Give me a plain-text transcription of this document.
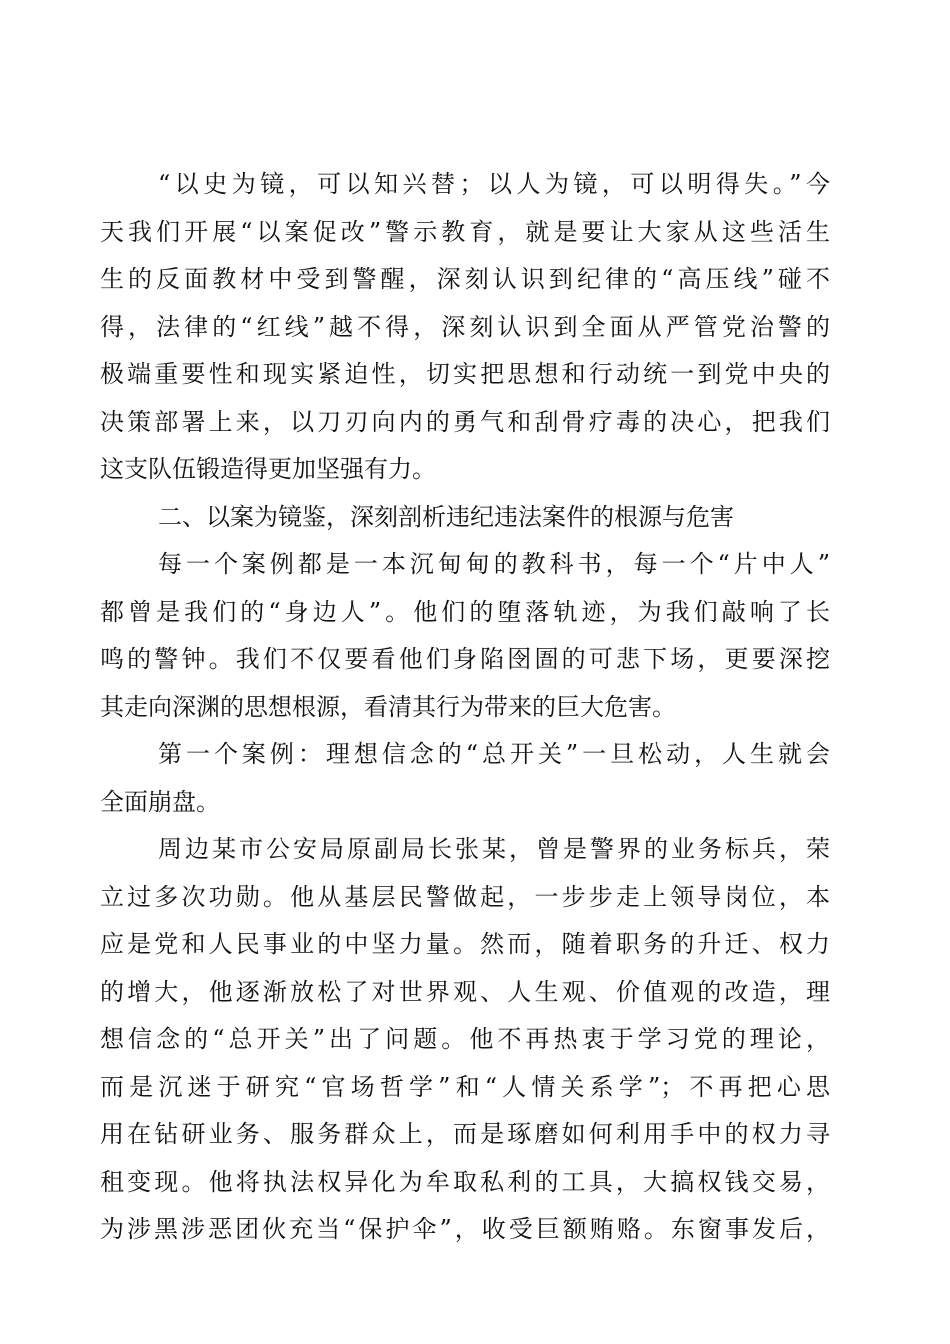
“以史为镜，可以知兴替；以人为镜，可以明得失。”今
天我们开展“以案促改”警示教育，就是要让大家从这些活生
生的反面教材中受到警醒，深刻认识到纪律的“高压线”碰不
得，法律的“红线”越不得，深刻认识到全面从严管党治警的
极端重要性和现实紧迫性，切实把思想和行动统一到党中央的
决策部署上来，以刀刃向内的勇气和刮骨疗毒的决心，把我们
这支队伍锻造得更加坚强有力。
二、以案为镜鉴，深刻剖析违纪违法案件的根源与危害
每一个案例都是一本沉甸甸的教科书，每一个“片中人”
都曾是我们的“身边人”。他们的堕落轨迹，为我们敲响了长
鸣的警钟。我们不仅要看他们身陷囹圄的可悲下场，更要深挖
其走向深渊的思想根源，看清其行为带来的巨大危害。
第一个案例：理想信念的“总开关”一旦松动，人生就会
全面崩盘。
周边某市公安局原副局长张某，曾是警界的业务标兵，荣
立过多次功勋。他从基层民警做起，一步步走上领导岗位，本
应是党和人民事业的中坚力量。然而，随着职务的升迁、权力
的增大，他逐渐放松了对世界观、人生观、价值观的改造，理
想信念的“总开关”出了问题。他不再热衷于学习党的理论，
而是沉迷于研究“官场哲学”和“人情关系学”；不再把心思
用在钻研业务、服务群众上，而是琢磨如何利用手中的权力寻
租变现。他将执法权异化为牟取私利的工具，大搞权钱交易，
为涉黑涉恶团伙充当“保护伞”，收受巨额贿赂。东窗事发后，
